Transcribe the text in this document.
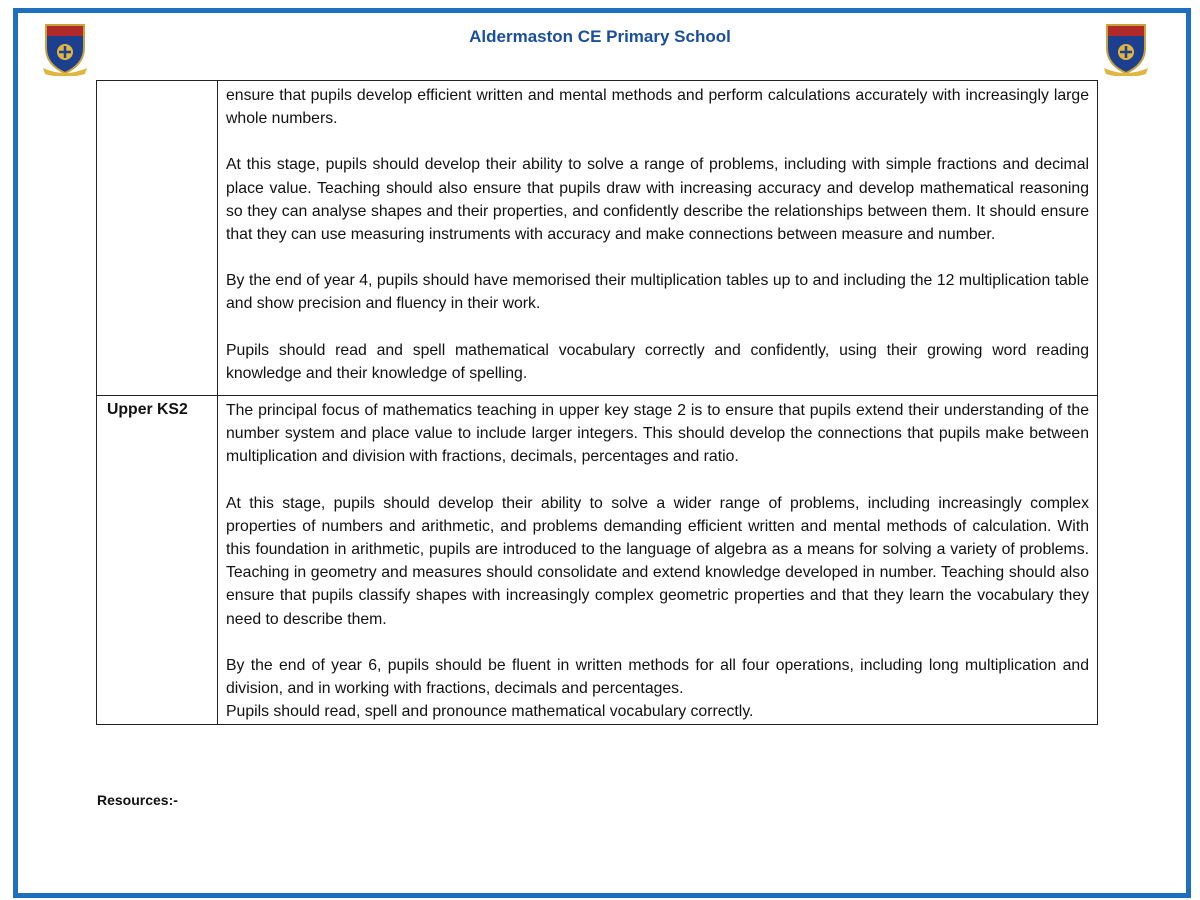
Aldermaston CE Primary School

	ensure that pupils develop efficient written and mental methods and perform calculations accurately with increasingly large whole numbers.

At this stage, pupils should develop their ability to solve a range of problems, including with simple fractions and decimal place value. Teaching should also ensure that pupils draw with increasing accuracy and develop mathematical reasoning so they can analyse shapes and their properties, and confidently describe the relationships between them. It should ensure that they can use measuring instruments with accuracy and make connections between measure and number.

By the end of year 4, pupils should have memorised their multiplication tables up to and including the 12 multiplication table and show precision and fluency in their work.

Pupils should read and spell mathematical vocabulary correctly and confidently, using their growing word reading knowledge and their knowledge of spelling.

Upper KS2	The principal focus of mathematics teaching in upper key stage 2 is to ensure that pupils extend their understanding of the number system and place value to include larger integers. This should develop the connections that pupils make between multiplication and division with fractions, decimals, percentages and ratio.

At this stage, pupils should develop their ability to solve a wider range of problems, including increasingly complex properties of numbers and arithmetic, and problems demanding efficient written and mental methods of calculation. With this foundation in arithmetic, pupils are introduced to the language of algebra as a means for solving a variety of problems. Teaching in geometry and measures should consolidate and extend knowledge developed in number. Teaching should also ensure that pupils classify shapes with increasingly complex geometric properties and that they learn the vocabulary they need to describe them.

By the end of year 6, pupils should be fluent in written methods for all four operations, including long multiplication and division, and in working with fractions, decimals and percentages.

Pupils should read, spell and pronounce mathematical vocabulary correctly.

Resources:-
